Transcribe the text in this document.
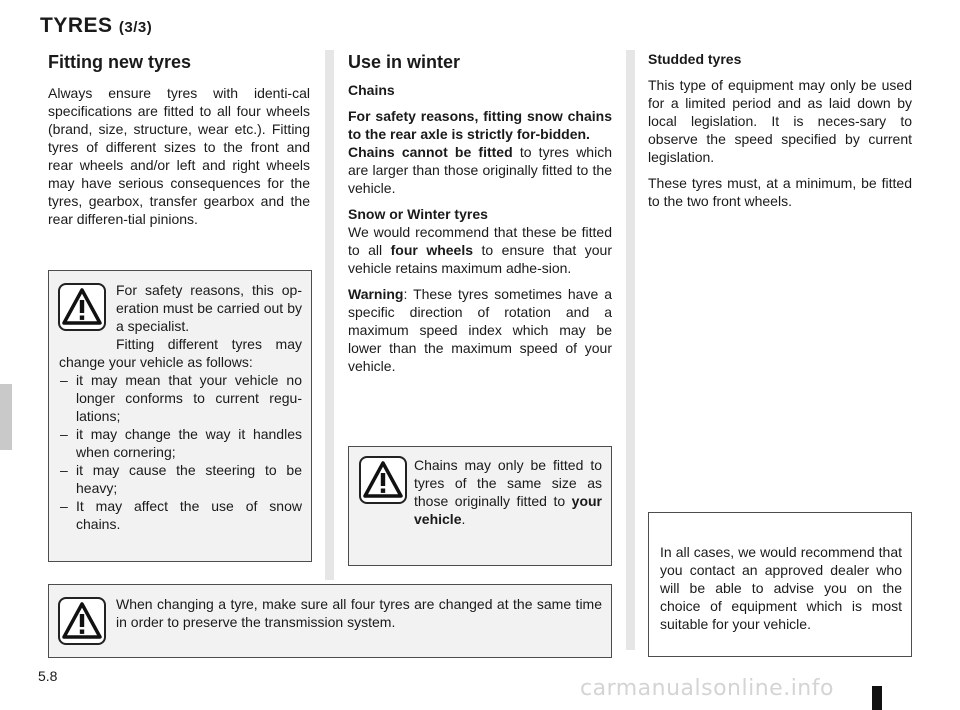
TYRES (3/3)
Fitting new tyres

Always ensure tyres with identi-cal specifications are fitted to all four wheels (brand, size, structure, wear etc.). Fitting tyres of different sizes to the front and rear wheels and/or left and right wheels may have serious consequences for the tyres, gearbox, transfer gearbox and the rear differen-tial pinions.

For safety reasons, this op-eration must be carried out by a specialist.

Fitting different tyres may change your vehicle as follows:

– it may mean that your vehicle no longer conforms to current regu-lations;
– it may change the way it handles when cornering;
– it may cause the steering to be heavy;
– It may affect the use of snow chains.
Use in winter

Chains

For safety reasons, fitting snow chains to the rear axle is strictly for-bidden.

Chains cannot be fitted to tyres which are larger than those originally fitted to the vehicle.

Snow or Winter tyres

We would recommend that these be fitted to all four wheels to ensure that your vehicle retains maximum adhe-sion.

Warning: These tyres sometimes have a specific direction of rotation and a maximum speed index which may be lower than the maximum speed of your vehicle.

Chains may only be fitted to tyres of the same size as those originally fitted to your vehicle.

Studded tyres

This type of equipment may only be used for a limited period and as laid down by local legislation. It is neces-sary to observe the speed specified by current legislation.

These tyres must, at a minimum, be fitted to the two front wheels.

In all cases, we would recommend that you contact an approved dealer who will be able to advise you on the choice of equipment which is most suitable for your vehicle.

When changing a tyre, make sure all four tyres are changed at the same time in order to preserve the transmission system.

5.8	carmanualsonline.info
